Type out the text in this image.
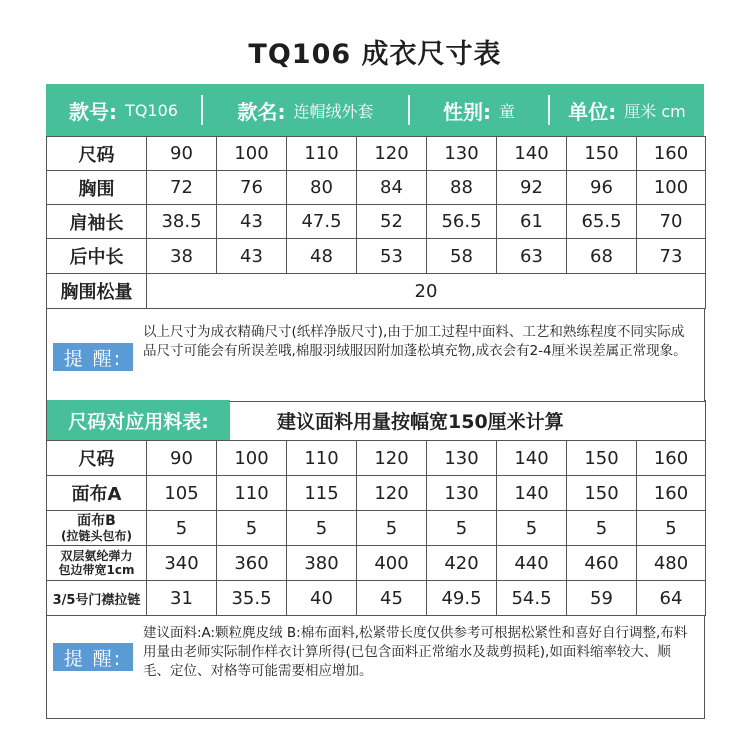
TQ106 成衣尺寸表
款号: TQ106	款名: 连帽绒外套	性别: 童	单位: 厘米 cm
尺码	90	100	110	120	130	140	150	160
胸围	72	76	80	84	88	92	96	100
肩袖长	38.5	43	47.5	52	56.5	61	65.5	70
后中长	38	43	48	53	58	63	68	73
胸围松量	20							
提 醒:
以上尺寸为成衣精确尺寸(纸样净版尺寸),由于加工过程中面料、工艺和熟练程度不同实际成品尺寸可能会有所误差哦,棉服羽绒服因附加蓬松填充物,成衣会有2-4厘米误差属正常现象。
尺码对应用料表:	建议面料用量按幅宽150厘米计算
尺码	90	100	110	120	130	140	150	160
面布A	105	110	115	120	130	140	150	160

面布B
(拉链头包布)	5	5	5	5	5	5	5	5

双层氨纶弹力
包边带宽1cm	340	360	380	400	420	440	460	480
3/5号门襟拉链	31	35.5	40	45	49.5	54.5	59	64
提 醒:
建议面料:A:颗粒麂皮绒 B:棉布面料,松紧带长度仅供参考可根据松紧性和喜好自行调整,布料用量由老师实际制作样衣计算所得(已包含面料正常缩水及裁剪损耗),如面料缩率较大、顺毛、定位、对格等可能需要相应增加。
